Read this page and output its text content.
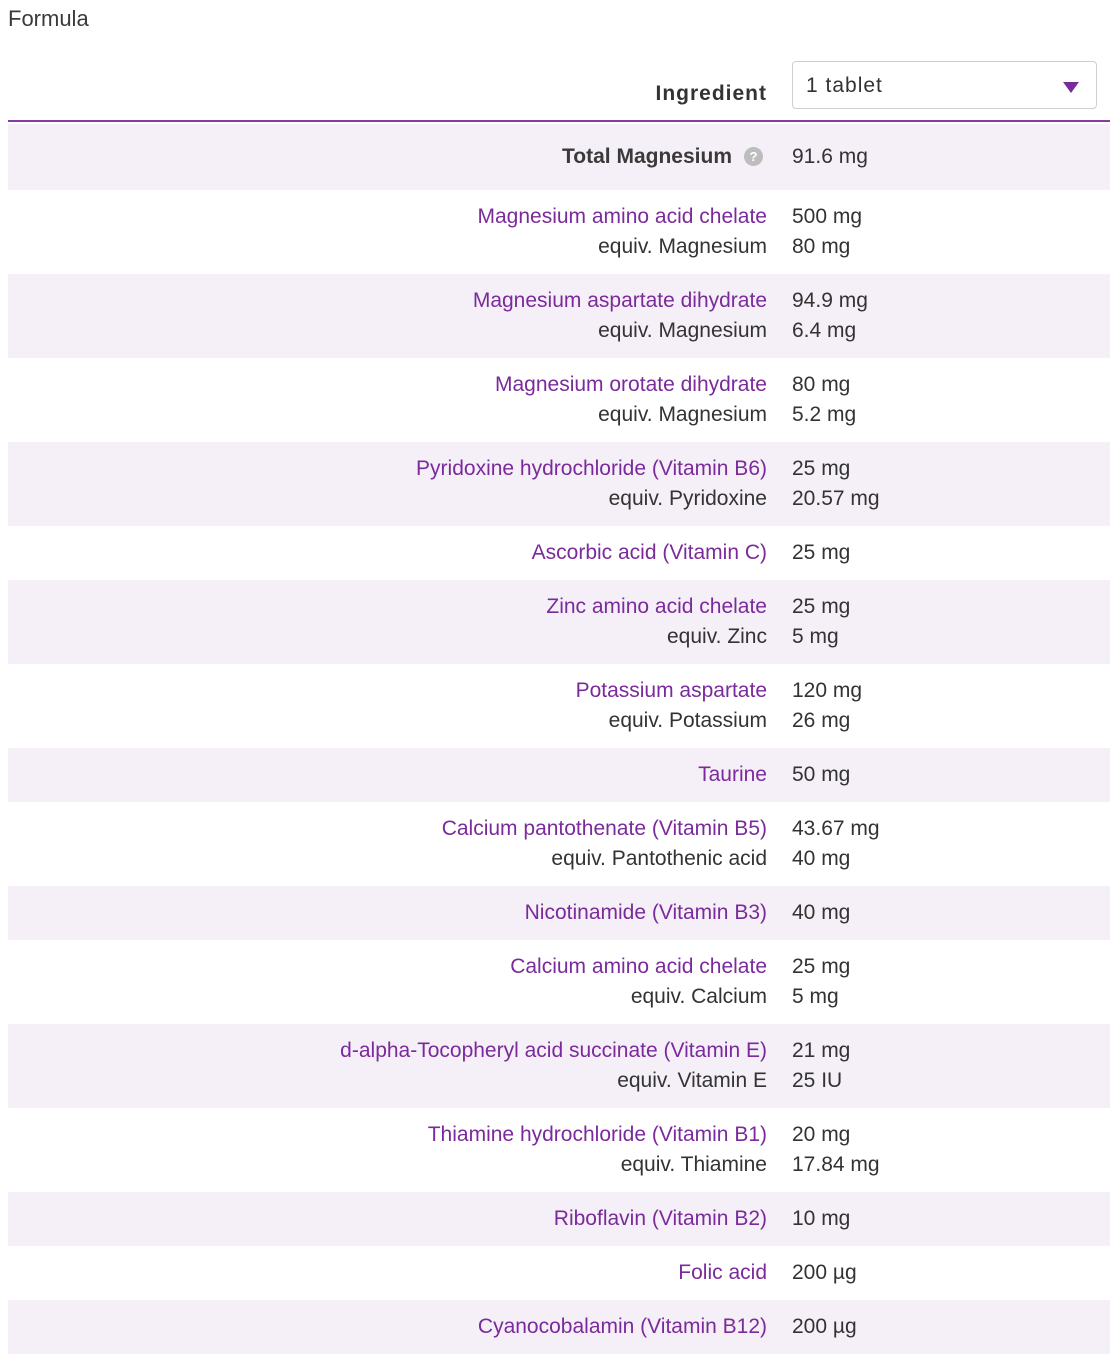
Formula
Ingredient 1 tablet
Total Magnesium	? 91.6 mg
Magnesium amino acid chelate 500 mg
equiv. Magnesium 80 mg
Magnesium aspartate dihydrate 94.9 mg
equiv. Magnesium 6.4 mg
Magnesium orotate dihydrate 80 mg
equiv. Magnesium 5.2 mg
Pyridoxine hydrochloride (Vitamin B6) 25 mg
equiv. Pyridoxine 20.57 mg
Ascorbic acid (Vitamin C) 25 mg
Zinc amino acid chelate 25 mg
equiv. Zinc 5 mg
Potassium aspartate 120 mg
equiv. Potassium 26 mg
Taurine 50 mg
Calcium pantothenate (Vitamin B5) 43.67 mg
equiv. Pantothenic acid 40 mg
Nicotinamide (Vitamin B3) 40 mg
Calcium amino acid chelate 25 mg
equiv. Calcium 5 mg
d-alpha-Tocopheryl acid succinate (Vitamin E) 21 mg
equiv. Vitamin E 25 IU
Thiamine hydrochloride (Vitamin B1) 20 mg
equiv. Thiamine 17.84 mg
Riboflavin (Vitamin B2) 10 mg
Folic acid 200 µg
Cyanocobalamin (Vitamin B12) 200 µg
